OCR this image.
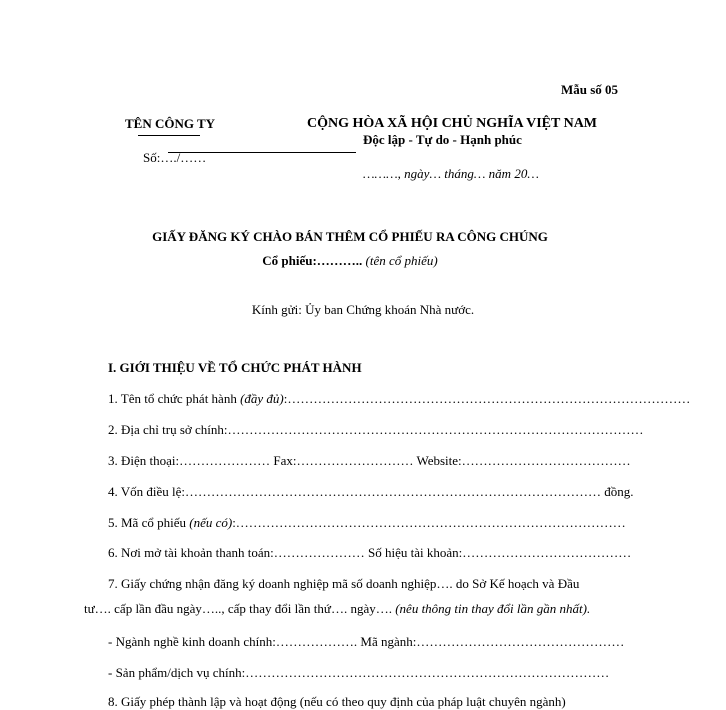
Mẫu số 05
TÊN CÔNG TY
Số:…./……
CỘNG HÒA XÃ HỘI CHỦ NGHĨA VIỆT NAM
Độc lập - Tự do - Hạnh phúc
………, ngày… tháng… năm 20…
GIẤY ĐĂNG KÝ CHÀO BÁN THÊM CỔ PHIẾU RA CÔNG CHÚNG
Cổ phiếu:……….. (tên cổ phiếu)
Kính gửi: Ủy ban Chứng khoán Nhà nước.
I. GIỚI THIỆU VỀ TỔ CHỨC PHÁT HÀNH
1. Tên tổ chức phát hành (đầy đủ):…………………………………………………………………………………
2. Địa chỉ trụ sở chính:……………………………………………………………………………………
3. Điện thoại:………………… Fax:……………………… Website:…………………………………
4. Vốn điều lệ:…………………………………………………………………………………… đồng.
5. Mã cổ phiếu (nếu có):………………………………………………………………………………
6. Nơi mở tài khoản thanh toán:………………… Số hiệu tài khoản:…………………………………
7. Giấy chứng nhận đăng ký doanh nghiệp mã số doanh nghiệp…. do Sở Kế hoạch và Đầu
tư…. cấp lần đầu ngày….., cấp thay đổi lần thứ…. ngày…. (nêu thông tin thay đổi lần gần nhất).
- Ngành nghề kinh doanh chính:………………. Mã ngành:…………………………………………
- Sản phẩm/dịch vụ chính:…………………………………………………………………………
8. Giấy phép thành lập và hoạt động (nếu có theo quy định của pháp luật chuyên ngành)
